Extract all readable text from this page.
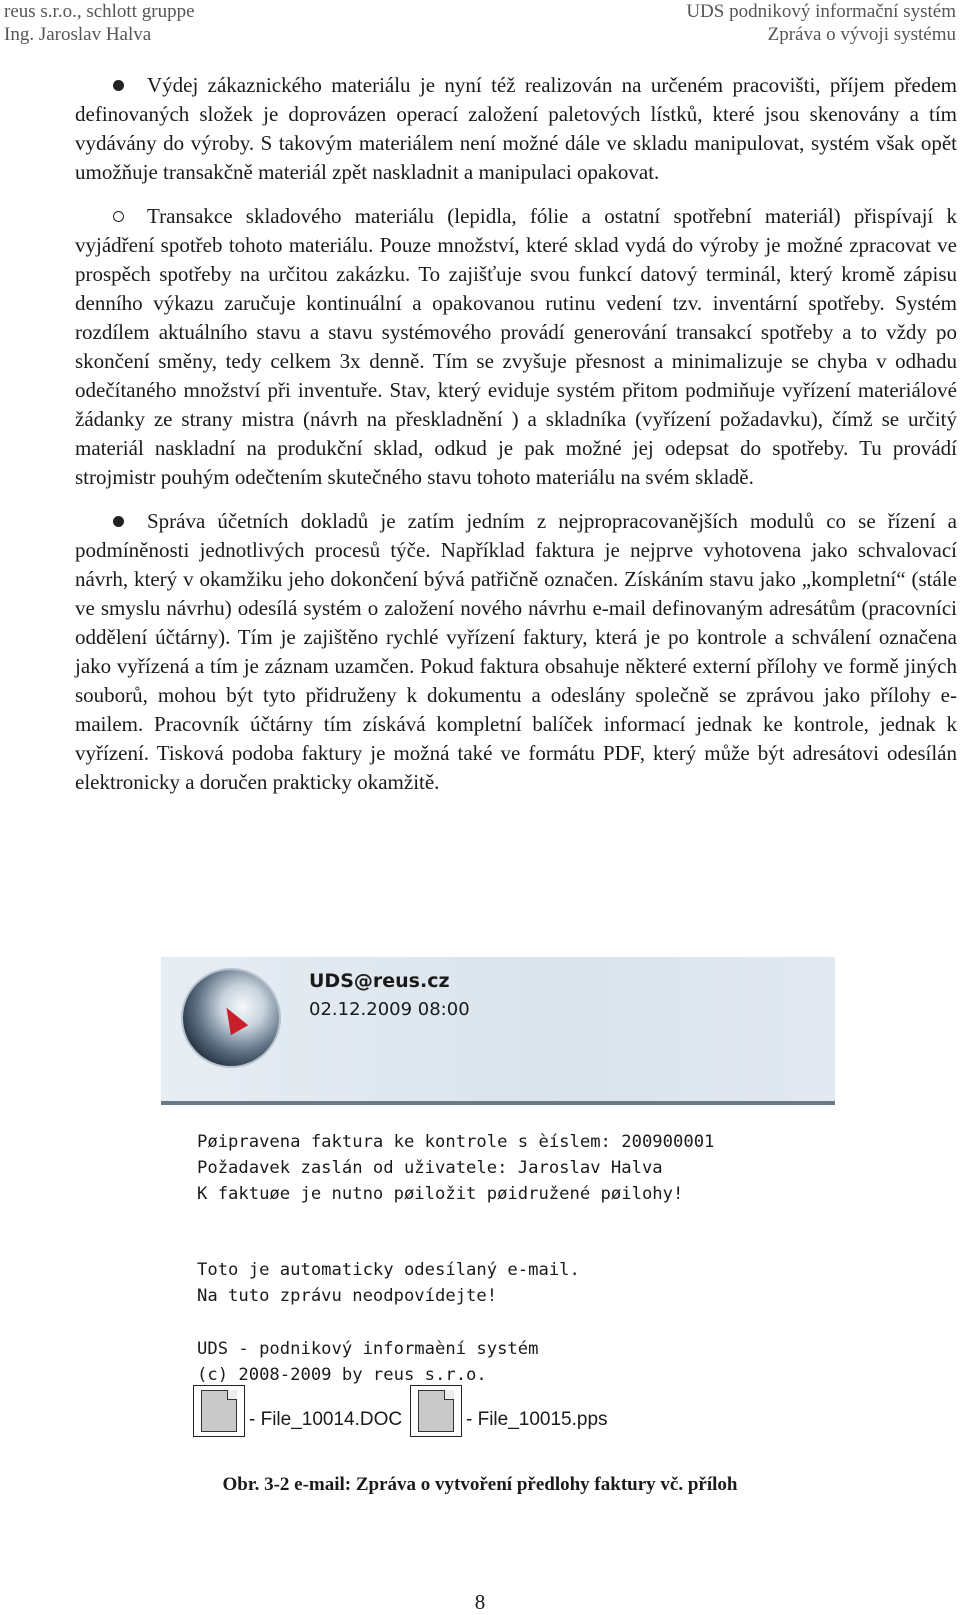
reus s.r.o., schlott gruppe
Ing. Jaroslav Halva
UDS podnikový informační systém
Zpráva o vývoji systému

Výdej zákaznického materiálu je nyní též realizován na určeném pracovišti, příjem předem definovaných složek je doprovázen operací založení paletových lístků, které jsou skenovány a tím vydávány do výroby. S takovým materiálem není možné dále ve skladu manipulovat, systém však opět umožňuje transakčně materiál zpět naskladnit a manipulaci opakovat.

Transakce skladového materiálu (lepidla, fólie a ostatní spotřební materiál) přispívají k vyjádření spotřeb tohoto materiálu. Pouze množství, které sklad vydá do výroby je možné zpracovat ve prospěch spotřeby na určitou zakázku. To zajišťuje svou funkcí datový terminál, který kromě zápisu denního výkazu zaručuje kontinuální a opakovanou rutinu vedení tzv. inventární spotřeby. Systém rozdílem aktuálního stavu a stavu systémového provádí generování transakcí spotřeby a to vždy po skončení směny, tedy celkem 3x denně. Tím se zvyšuje přesnost a minimalizuje se chyba v odhadu odečítaného množství při inventuře. Stav, který eviduje systém přitom podmiňuje vyřízení materiálové žádanky ze strany mistra (návrh na přeskladnění ) a skladníka (vyřízení požadavku), čímž se určitý materiál naskladní na produkční sklad, odkud je pak možné jej odepsat do spotřeby. Tu provádí strojmistr pouhým odečtením skutečného stavu tohoto materiálu na svém skladě.

Správa účetních dokladů je zatím jedním z nejpropracovanějších modulů co se řízení a podmíněnosti jednotlivých procesů týče. Například faktura je nejprve vyhotovena jako schvalovací návrh, který v okamžiku jeho dokončení bývá patřičně označen. Získáním stavu jako „kompletní“ (stále ve smyslu návrhu) odesílá systém o založení nového návrhu e-mail definovaným adresátům (pracovníci oddělení účtárny). Tím je zajištěno rychlé vyřízení faktury, která je po kontrole a schválení označena jako vyřízená a tím je záznam uzamčen. Pokud faktura obsahuje některé externí přílohy ve formě jiných souborů, mohou být tyto přidruženy k dokumentu a odeslány společně se zprávou jako přílohy e-mailem. Pracovník účtárny tím získává kompletní balíček informací jednak ke kontrole, jednak k vyřízení. Tisková podoba faktury je možná také ve formátu PDF, který může být adresátovi odesílán elektronicky a doručen prakticky okamžitě.

UDS@reus.cz
02.12.2009 08:00
Pøipravena faktura ke kontrole s èíslem: 200900001
Požadavek zaslán od uživatele: Jaroslav Halva
K faktuøe je nutno pøiložit pøidružené pøilohy!
Toto je automaticky odesílaný e-mail.
Na tuto zprávu neodpovídejte!
UDS - podnikový informaèní systém
(c) 2008-2009 by reus s.r.o.
- File_10014.DOC	- File_10015.pps
Obr. 3-2 e-mail: Zpráva o vytvoření předlohy faktury vč. příloh
8
